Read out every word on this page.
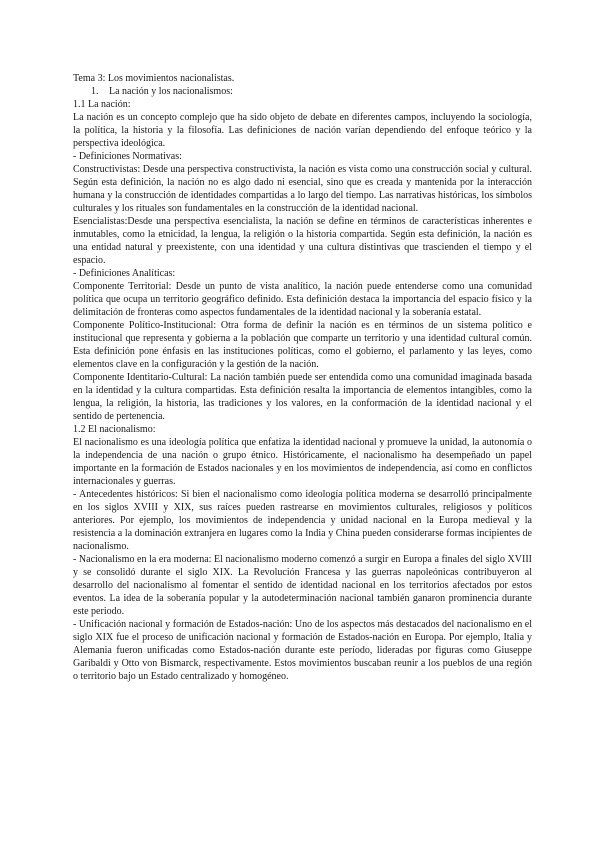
Tema 3: Los movimientos nacionalistas.

1. La nación y los nacionalismos:

1.1 La nación:

La nación es un concepto complejo que ha sido objeto de debate en diferentes campos, incluyendo la sociología, la política, la historia y la filosofía. Las definiciones de nación varían dependiendo del enfoque teórico y la perspectiva ideológica.

- Definiciones Normativas:

Constructivistas: Desde una perspectiva constructivista, la nación es vista como una construcción social y cultural. Según esta definición, la nación no es algo dado ni esencial, sino que es creada y mantenida por la interacción humana y la construcción de identidades compartidas a lo largo del tiempo. Las narrativas históricas, los símbolos culturales y los rituales son fundamentales en la construcción de la identidad nacional.

Esencialistas:Desde una perspectiva esencialista, la nación se define en términos de características inherentes e inmutables, como la etnicidad, la lengua, la religión o la historia compartida. Según esta definición, la nación es una entidad natural y preexistente, con una identidad y una cultura distintivas que trascienden el tiempo y el espacio.

- Definiciones Analíticas:

Componente Territorial: Desde un punto de vista analítico, la nación puede entenderse como una comunidad política que ocupa un territorio geográfico definido. Esta definición destaca la importancia del espacio físico y la delimitación de fronteras como aspectos fundamentales de la identidad nacional y la soberanía estatal.

Componente Político-Institucional: Otra forma de definir la nación es en términos de un sistema político e institucional que representa y gobierna a la población que comparte un territorio y una identidad cultural común. Esta definición pone énfasis en las instituciones políticas, como el gobierno, el parlamento y las leyes, como elementos clave en la configuración y la gestión de la nación.

Componente Identitario-Cultural: La nación también puede ser entendida como una comunidad imaginada basada en la identidad y la cultura compartidas. Esta definición resalta la importancia de elementos intangibles, como la lengua, la religión, la historia, las tradiciones y los valores, en la conformación de la identidad nacional y el sentido de pertenencia.

1.2 El nacionalismo:

El nacionalismo es una ideología política que enfatiza la identidad nacional y promueve la unidad, la autonomía o la independencia de una nación o grupo étnico. Históricamente, el nacionalismo ha desempeñado un papel importante en la formación de Estados nacionales y en los movimientos de independencia, así como en conflictos internacionales y guerras.

- Antecedentes históricos: Si bien el nacionalismo como ideología política moderna se desarrolló principalmente en los siglos XVIII y XIX, sus raíces pueden rastrearse en movimientos culturales, religiosos y políticos anteriores. Por ejemplo, los movimientos de independencia y unidad nacional en la Europa medieval y la resistencia a la dominación extranjera en lugares como la India y China pueden considerarse formas incipientes de nacionalismo.

- Nacionalismo en la era moderna: El nacionalismo moderno comenzó a surgir en Europa a finales del siglo XVIII y se consolidó durante el siglo XIX. La Revolución Francesa y las guerras napoleónicas contribuyeron al desarrollo del nacionalismo al fomentar el sentido de identidad nacional en los territorios afectados por estos eventos. La idea de la soberanía popular y la autodeterminación nacional también ganaron prominencia durante este periodo.

- Unificación nacional y formación de Estados-nación: Uno de los aspectos más destacados del nacionalismo en el siglo XIX fue el proceso de unificación nacional y formación de Estados-nación en Europa. Por ejemplo, Italia y Alemania fueron unificadas como Estados-nación durante este período, lideradas por figuras como Giuseppe Garibaldi y Otto von Bismarck, respectivamente. Estos movimientos buscaban reunir a los pueblos de una región o territorio bajo un Estado centralizado y homogéneo.
